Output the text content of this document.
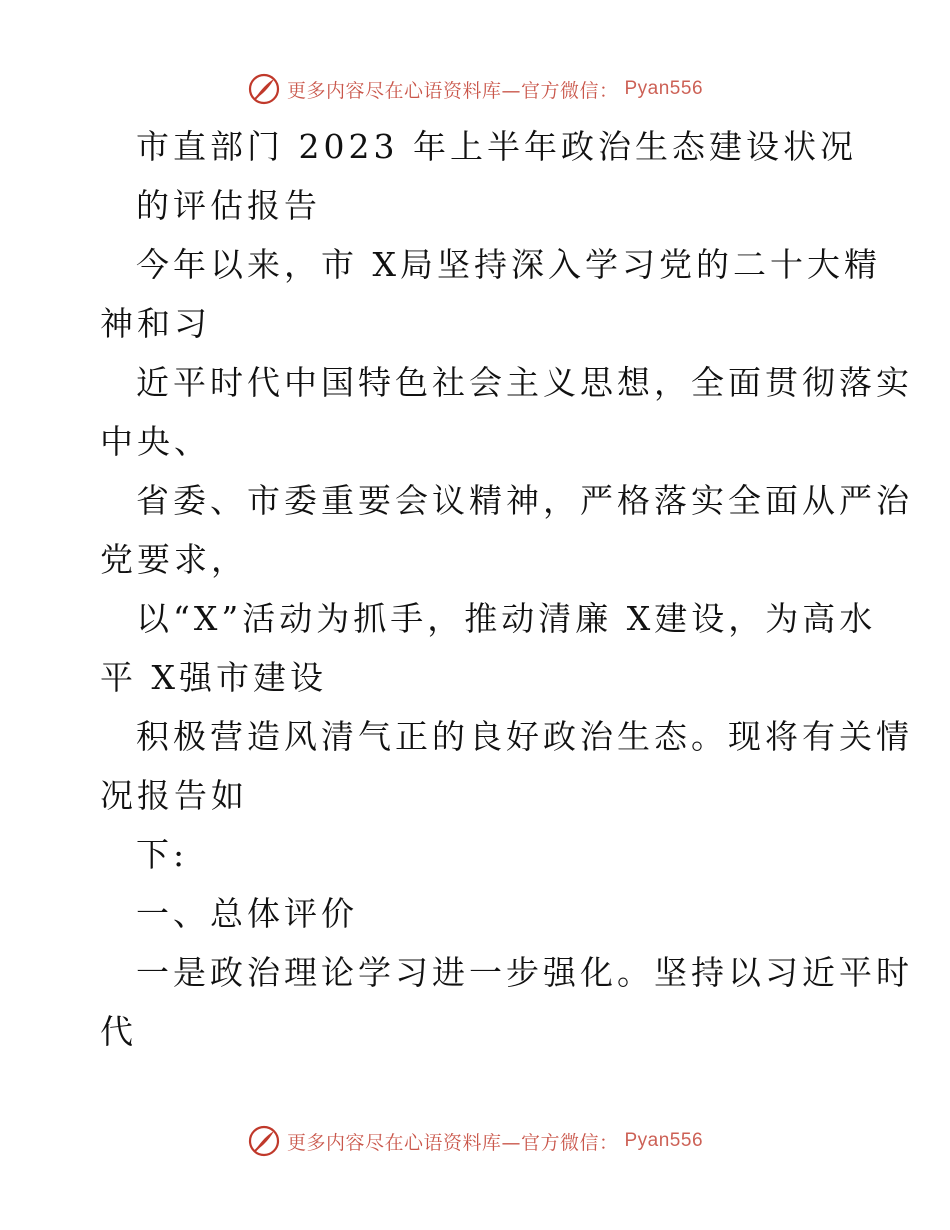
更多内容尽在心语资料库—官方微信： Pyan556
市直部门 2023 年上半年政治生态建设状况
的评估报告
今年以来，市 X局坚持深入学习党的二十大精
神和习
近平时代中国特色社会主义思想，全面贯彻落实
中央、
省委、市委重要会议精神，严格落实全面从严治
党要求，
以“X”活动为抓手，推动清廉 X建设，为高水
平 X强市建设
积极营造风清气正的良好政治生态。现将有关情
况报告如
下:
一、总体评价
一是政治理论学习进一步强化。坚持以习近平时
代
更多内容尽在心语资料库—官方微信： Pyan556
